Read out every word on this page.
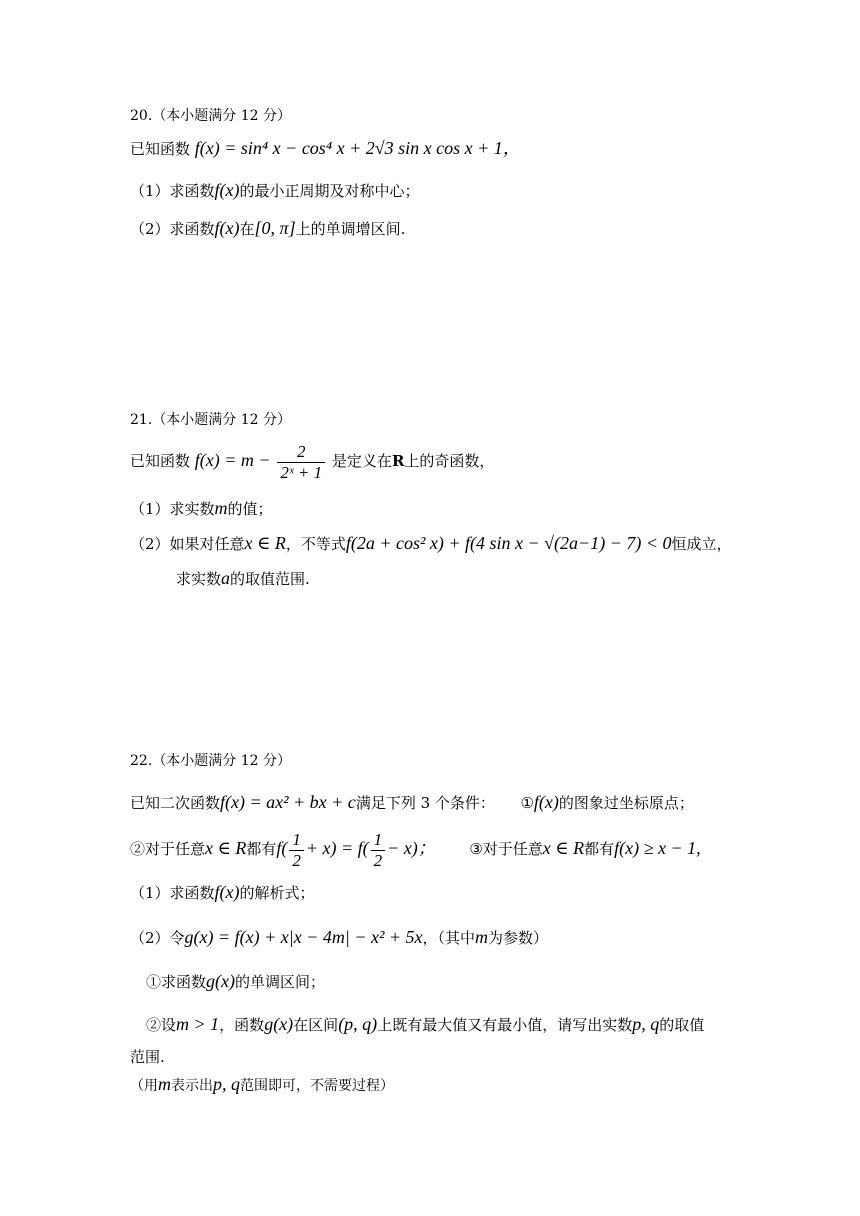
20.（本小题满分 12 分）
已知函数 f(x) = sin⁴ x − cos⁴ x + 2√3 sin x cos x + 1，
（1）求函数f(x)的最小正周期及对称中心；
（2）求函数f(x)在[0, π]上的单调增区间.
21.（本小题满分 12 分）
已知函数 $f(x) = m - \frac{2}{\text{2ˣ + 1}}$ 是定义在R上的奇函数，
（1）求实数m的值；
（2）如果对任意x ∈ R，不等式f(2a + cos² x) + f(4 sin x − √(2a−1) − 7) < 0恒成立，
求实数a的取值范围.
22.（本小题满分 12 分）
已知二次函数f(x) = ax² + bx + c满足下列 3 个条件： ①f(x)的图象过坐标原点；
②对于任意x ∈ R都有$f( \frac{1}{2} + x) = f( \frac{1}{2} - x)$； ③对于任意x ∈ R都有f(x) ≥ x − 1,
（1）求函数f(x)的解析式；
（2）令g(x) = f(x) + x|x − 4m| − x² + 5x，（其中m为参数）
①求函数g(x)的单调区间；
②设m > 1，函数g(x)在区间(p, q)上既有最大值又有最小值，请写出实数p, q的取值
范围.
（用m表示出p, q范围即可，不需要过程）
